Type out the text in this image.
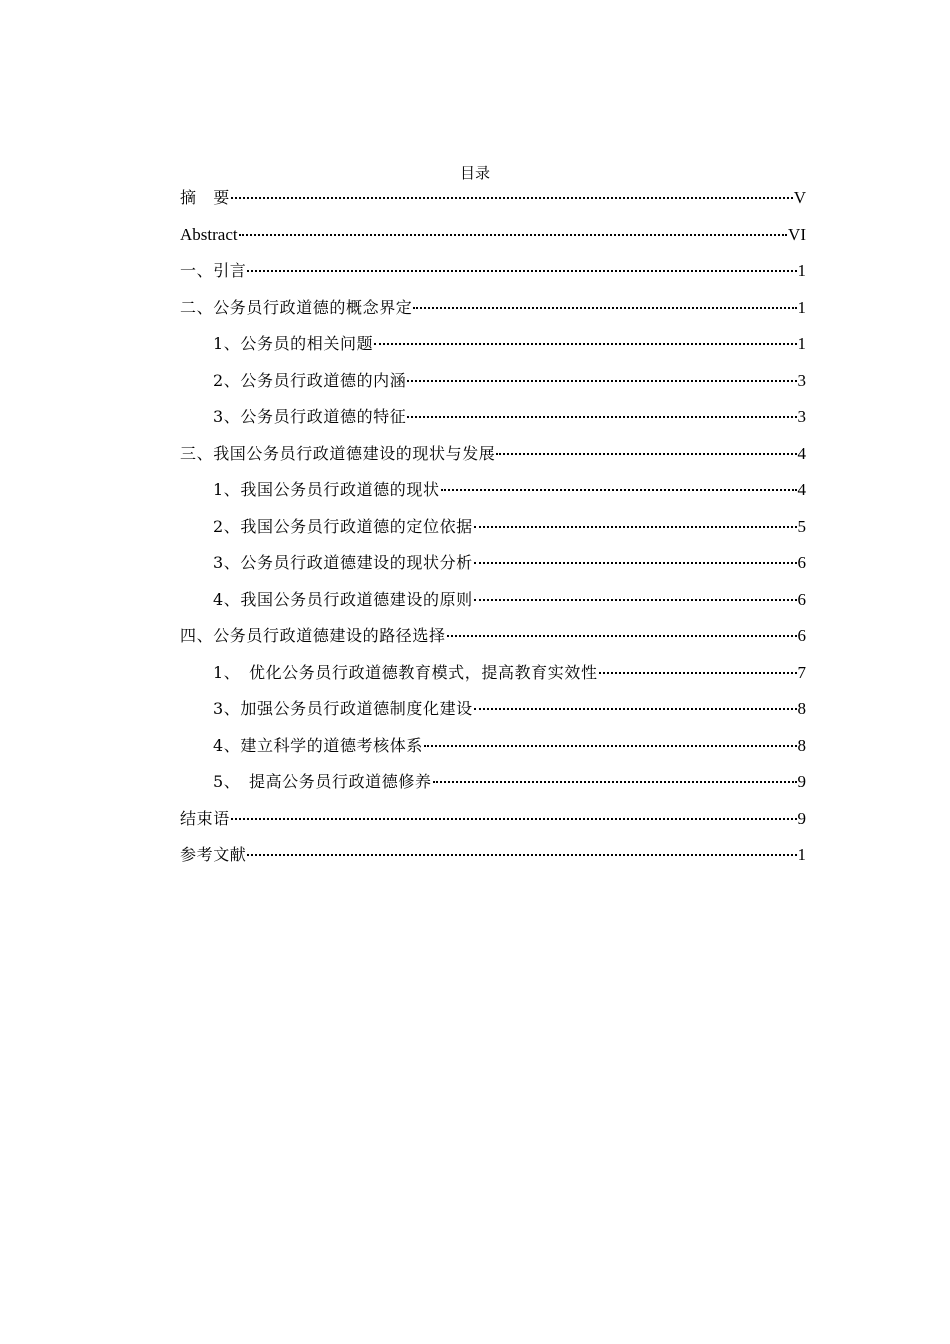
目录
摘　要	V
Abstract	VI
一、引言	1
二、公务员行政道德的概念界定	1
1、公务员的相关问题	1
2、公务员行政道德的内涵	3
3、公务员行政道德的特征	3
三、我国公务员行政道德建设的现状与发展	4
1、我国公务员行政道德的现状	4
2、我国公务员行政道德的定位依据	5
3、公务员行政道德建设的现状分析	6
4、我国公务员行政道德建设的原则	6
四、公务员行政道德建设的路径选择	6
1、　优化公务员行政道德教育模式，提高教育实效性	7
3、加强公务员行政道德制度化建设	8
4、建立科学的道德考核体系	8
5、　提高公务员行政道德修养	9
结束语	9
参考文献	1
